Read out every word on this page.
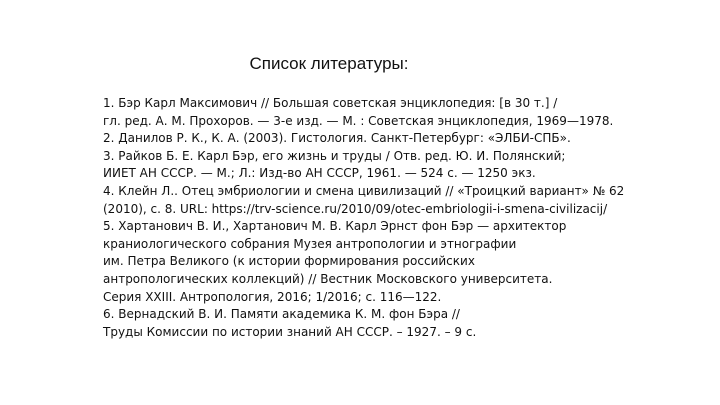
Список литературы:
1. Бэр Карл Максимович // Большая советская энциклопедия: [в 30 т.] /
гл. ред. А. М. Прохоров. — 3-е изд. — М. : Советская энциклопедия, 1969—1978.
2. Данилов Р. К., К. А. (2003). Гистология. Санкт-Петербург: «ЭЛБИ-СПБ».
3. Райков Б. Е. Карл Бэр, его жизнь и труды / Отв. ред. Ю. И. Полянский;
ИИЕТ АН СССР. — М.; Л.: Изд-во АН СССР, 1961. — 524 с. — 1250 экз.
4. Клейн Л.. Отец эмбриологии и смена цивилизаций // «Троицкий вариант» № 62
(2010), с. 8. URL: https://trv-science.ru/2010/09/otec-embriologii-i-smena-civilizacij/
5. Хартанович В. И., Хартанович М. В. Карл Эрнст фон Бэр — архитектор
краниологического собрания Музея антропологии и этнографии
им. Петра Великого (к истории формирования российских
антропологических коллекций) // Вестник Московского университета.
Серия XXIII. Антропология, 2016; 1/2016; с. 116—122.
6. Вернадский В. И. Памяти академика К. М. фон Бэра //
Труды Комиссии по истории знаний АН СССР. – 1927. – 9 с.
